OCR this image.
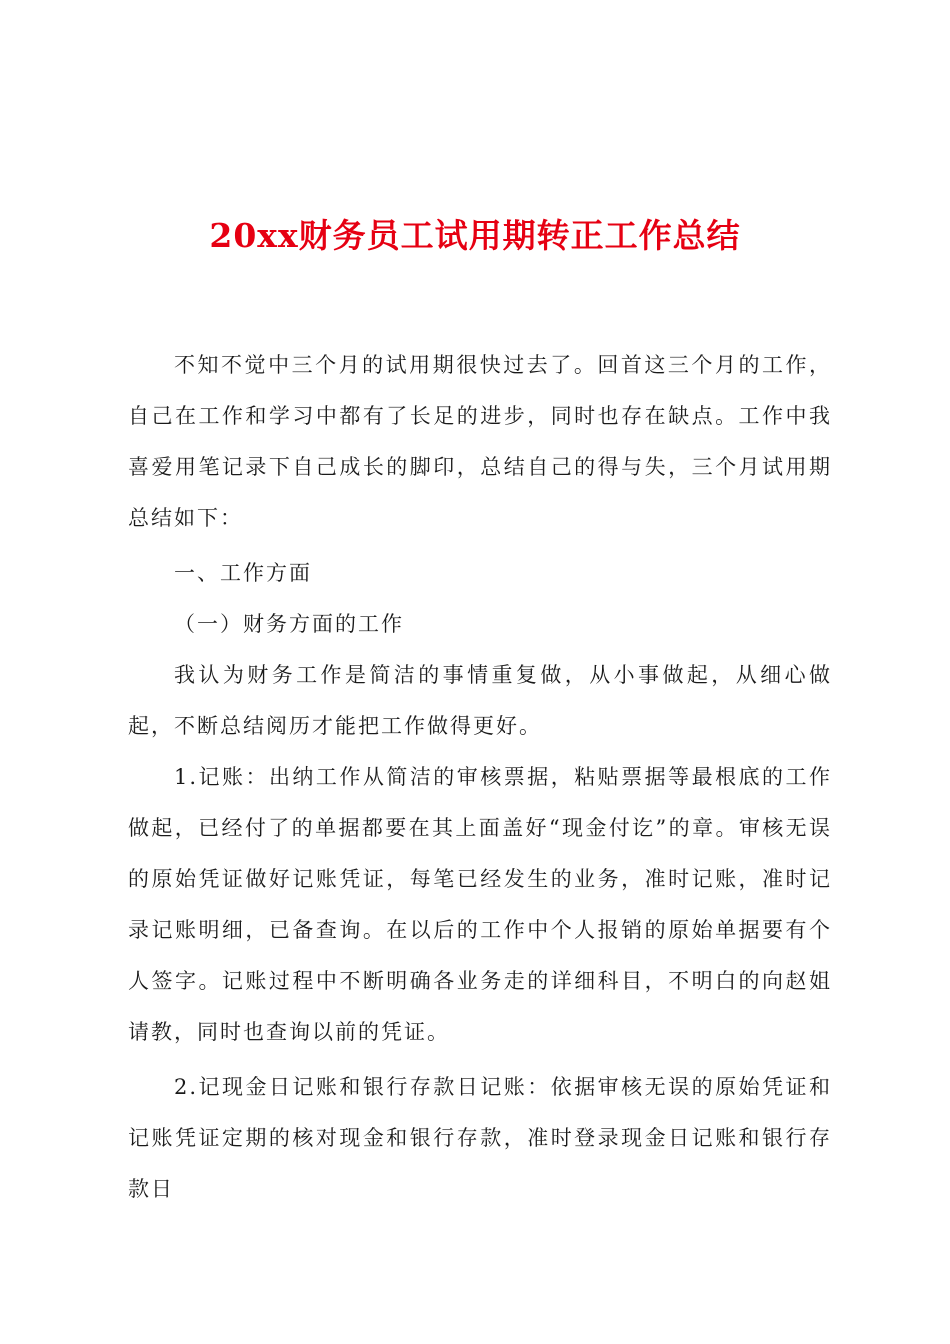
20xx财务员工试用期转正工作总结

不知不觉中三个月的试用期很快过去了。回首这三个月的工作，自己在工作和学习中都有了长足的进步，同时也存在缺点。工作中我喜爱用笔记录下自己成长的脚印，总结自己的得与失，三个月试用期总结如下：

一、工作方面

（一）财务方面的工作

我认为财务工作是简洁的事情重复做，从小事做起，从细心做起，不断总结阅历才能把工作做得更好。

1.记账：出纳工作从简洁的审核票据，粘贴票据等最根底的工作做起，已经付了的单据都要在其上面盖好“现金付讫”的章。审核无误的原始凭证做好记账凭证，每笔已经发生的业务，准时记账，准时记录记账明细，已备查询。在以后的工作中个人报销的原始单据要有个人签字。记账过程中不断明确各业务走的详细科目，不明白的向赵姐请教，同时也查询以前的凭证。

2.记现金日记账和银行存款日记账：依据审核无误的原始凭证和记账凭证定期的核对现金和银行存款，准时登录现金日记账和银行存款日
